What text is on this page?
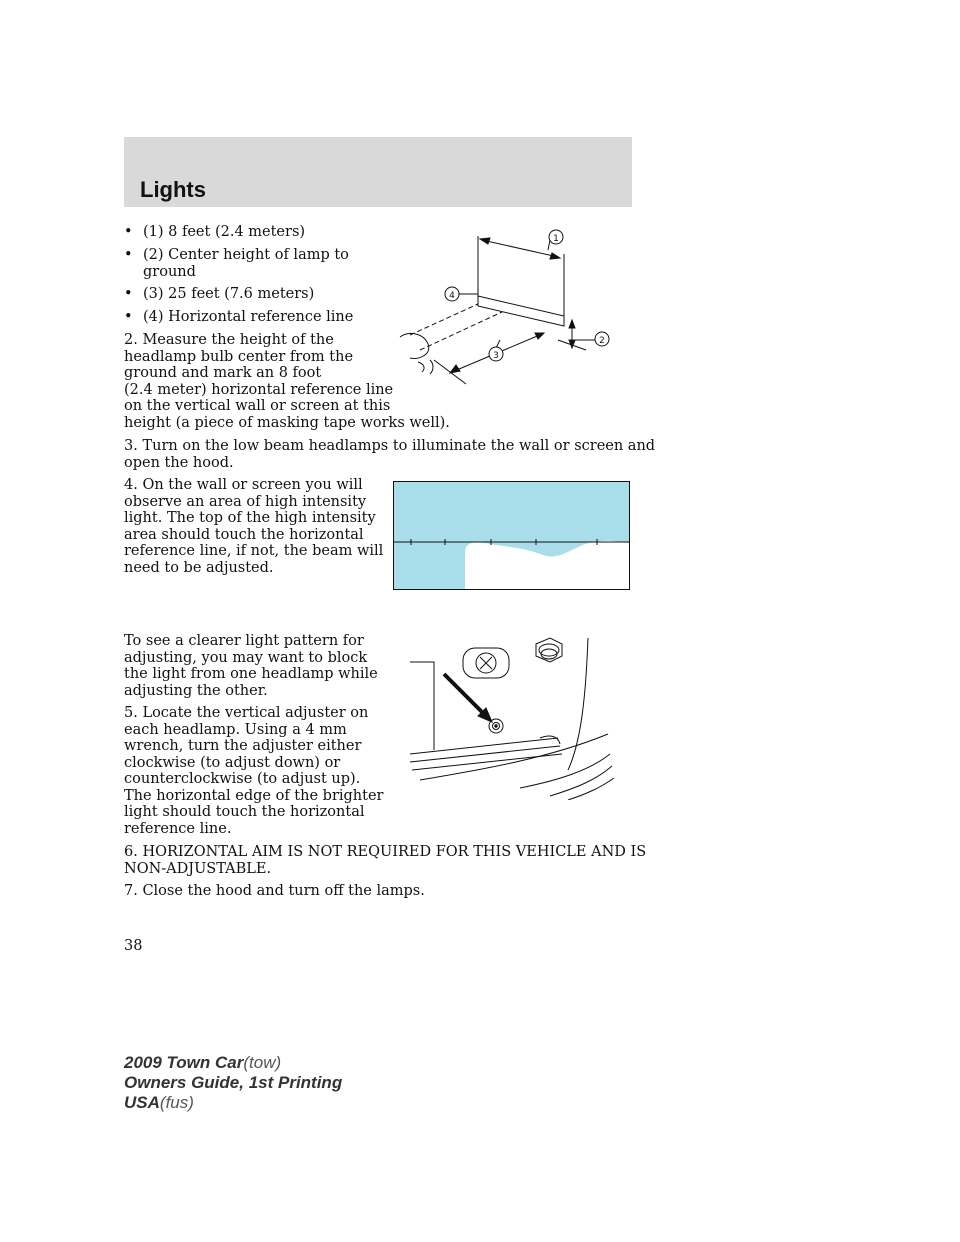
Lights
• (1) 8 feet (2.4 meters)
• (2) Center height of lamp to
ground
• (3) 25 feet (7.6 meters)
• (4) Horizontal reference line
2. Measure the height of the
headlamp bulb center from the
ground and mark an 8 foot
(2.4 meter) horizontal reference line
on the vertical wall or screen at this
height (a piece of masking tape works well).
3. Turn on the low beam headlamps to illuminate the wall or screen and
open the hood.
4. On the wall or screen you will
observe an area of high intensity
light. The top of the high intensity
area should touch the horizontal
reference line, if not, the beam will
need to be adjusted.
To see a clearer light pattern for
adjusting, you may want to block
the light from one headlamp while
adjusting the other.
5. Locate the vertical adjuster on
each headlamp. Using a 4 mm
wrench, turn the adjuster either
clockwise (to adjust down) or
counterclockwise (to adjust up).
The horizontal edge of the brighter
light should touch the horizontal
reference line.
6. HORIZONTAL AIM IS NOT REQUIRED FOR THIS VEHICLE AND IS
NON-ADJUSTABLE.
7. Close the hood and turn off the lamps.
1
4
2
3
38
2009 Town Car(tow)
Owners Guide, 1st Printing
USA(fus)
